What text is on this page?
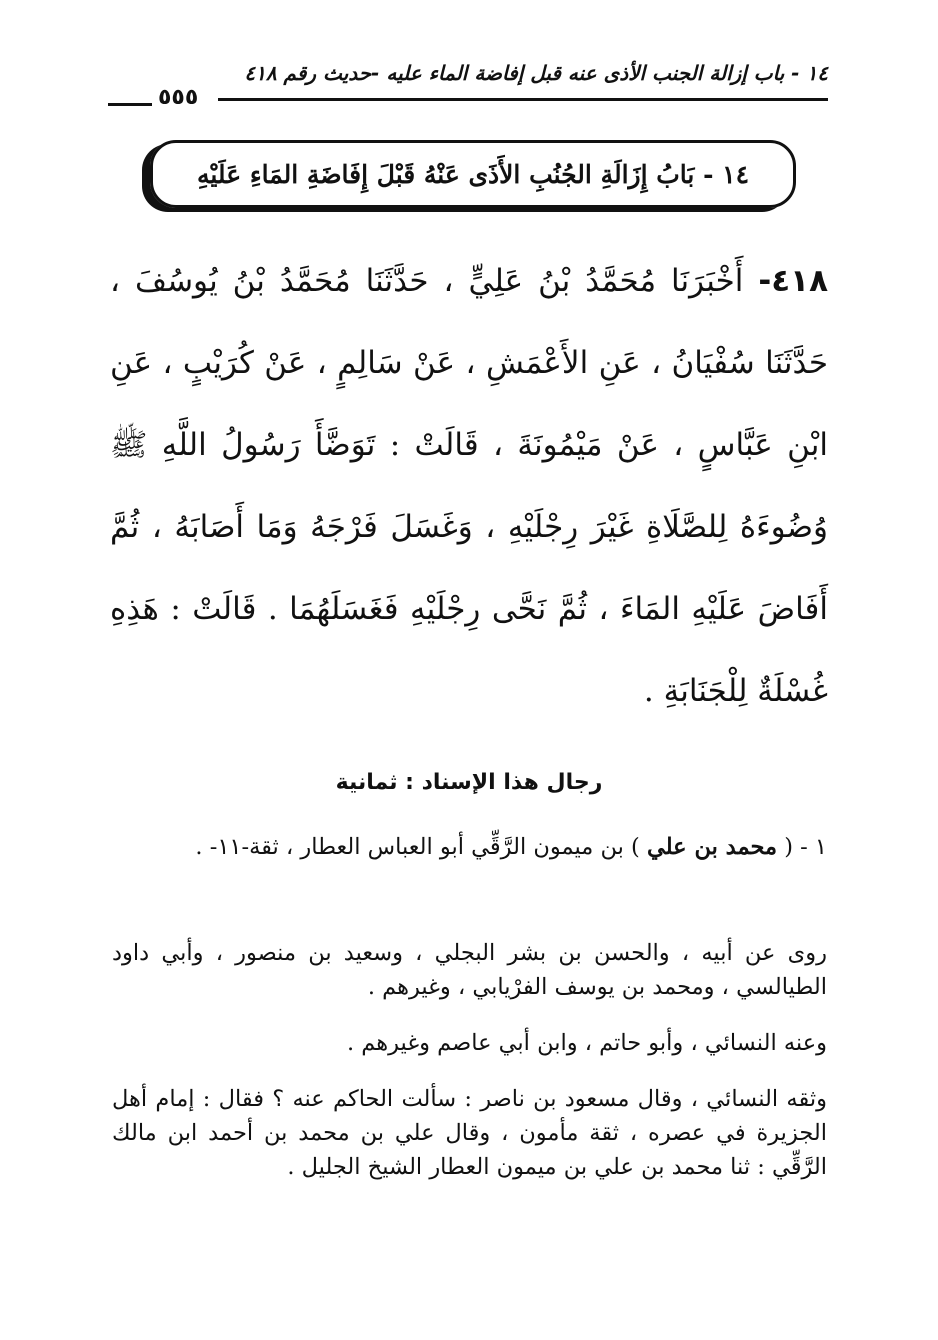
١٤ - باب إزالة الجنب الأذى عنه قبل إفاضة الماء عليه -حديث رقم ٤١٨
٥٥٥
١٤ - بَابُ إِزَالَةِ الجُنُبِ الأَذَى عَنْهُ قَبْلَ إِفَاضَةِ المَاءِ عَلَيْهِ
٤١٨- أَخْبَرَنَا مُحَمَّدُ بْنُ عَلِيٍّ ، حَدَّثَنَا مُحَمَّدُ بْنُ يُوسُفَ ، حَدَّثَنَا سُفْيَانُ ، عَنِ الأَعْمَشِ ، عَنْ سَالِمٍ ، عَنْ كُرَيْبٍ ، عَنِ ابْنِ عَبَّاسٍ ، عَنْ مَيْمُونَةَ ، قَالَتْ : تَوَضَّأَ رَسُولُ اللَّهِ ﷺ وُضُوءَهُ لِلصَّلَاةِ غَيْرَ رِجْلَيْهِ ، وَغَسَلَ فَرْجَهُ وَمَا أَصَابَهُ ، ثُمَّ أَفَاضَ عَلَيْهِ المَاءَ ، ثُمَّ نَحَّى رِجْلَيْهِ فَغَسَلَهُمَا . قَالَتْ : هَذِهِ غُسْلَةٌ لِلْجَنَابَةِ .
رجال هذا الإسناد : ثمانية
١ - ( محمد بن علي ) بن ميمون الرَّقِّي أبو العباس العطار ، ثقة-١١- .
روى عن أبيه ، والحسن بن بشر البجلي ، وسعيد بن منصور ، وأبي داود الطيالسي ، ومحمد بن يوسف الفرْيابي ، وغيرهم .
وعنه النسائي ، وأبو حاتم ، وابن أبي عاصم وغيرهم .
وثقه النسائي ، وقال مسعود بن ناصر : سألت الحاكم عنه ؟ فقال : إمام أهل الجزيرة في عصره ، ثقة مأمون ، وقال علي بن محمد بن أحمد ابن مالك الرَّقِّي : ثنا محمد بن علي بن ميمون العطار الشيخ الجليل .
